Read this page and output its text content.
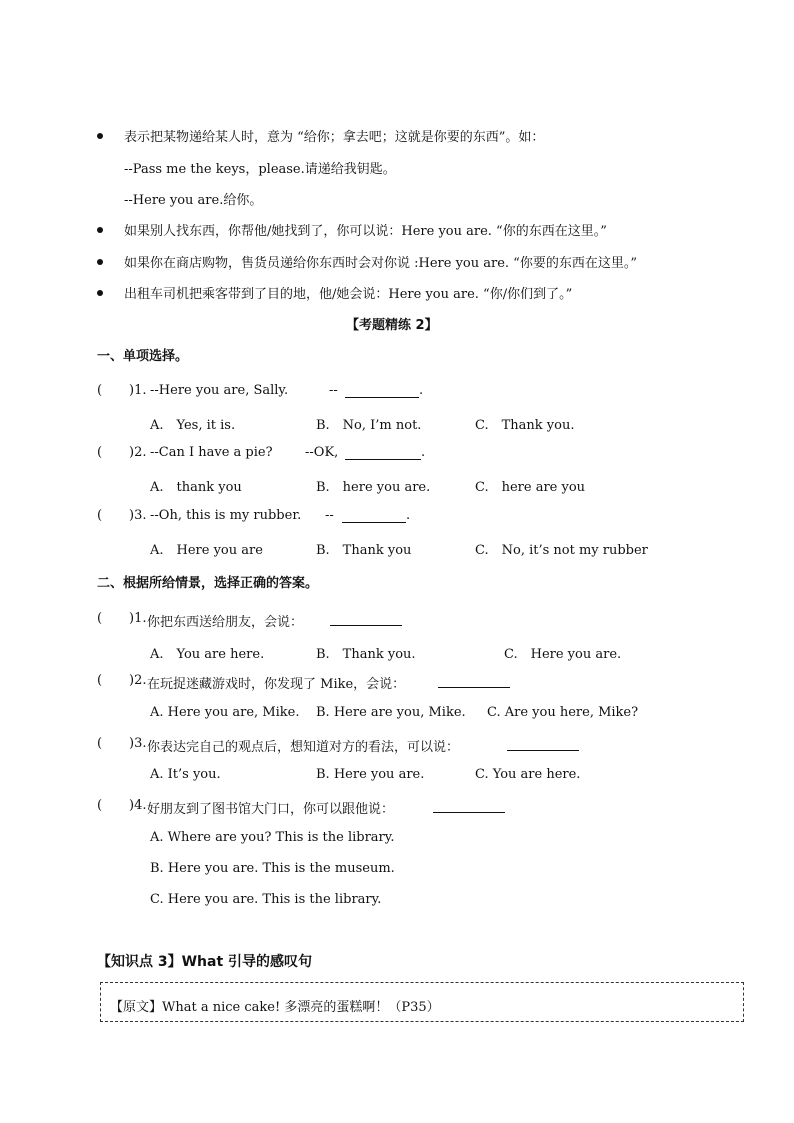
表示把某物递给某人时，意为 “给你；拿去吧；这就是你要的东西”。如：
--Pass me the keys，please.请递给我钥匙。
--Here you are.给你。
如果别人找东西，你帮他/她找到了，你可以说：Here you are. “你的东西在这里。”
如果你在商店购物，售货员递给你东西时会对你说 :Here you are. “你要的东西在这里。”
出租车司机把乘客带到了目的地，他/她会说：Here you are. “你/你们到了。”
【考题精练 2】
一、单项选择。
( )1. --Here you are, Sally.	--	.
A.　Yes, it is.	B.　No, I’m not.	C.　Thank you.
( )2. --Can I have a pie? --OK,	.
A.　thank you	B.　here you are.	C.　here are you
( )3. --Oh, this is my rubber. --	.
A.　Here you are	B.　Thank you	C.　No, it’s not my rubber
二、根据所给情景，选择正确的答案。
( )1. 你把东西送给朋友，会说：
A.　You are here.	B.　Thank you.	C.　Here you are.
( )2. 在玩捉迷藏游戏时，你发现了 Mike，会说：
A. Here you are, Mike. B. Here are you, Mike. C. Are you here, Mike?
( )3. 你表达完自己的观点后，想知道对方的看法，可以说：
A. It’s you.	B. Here you are.	C. You are here.
( )4. 好朋友到了图书馆大门口，你可以跟他说：
A. Where are you? This is the library.
B. Here you are. This is the museum.
C. Here you are. This is the library.
【知识点 3】What 引导的感叹句
【原文】What a nice cake! 多漂亮的蛋糕啊！（P35）
